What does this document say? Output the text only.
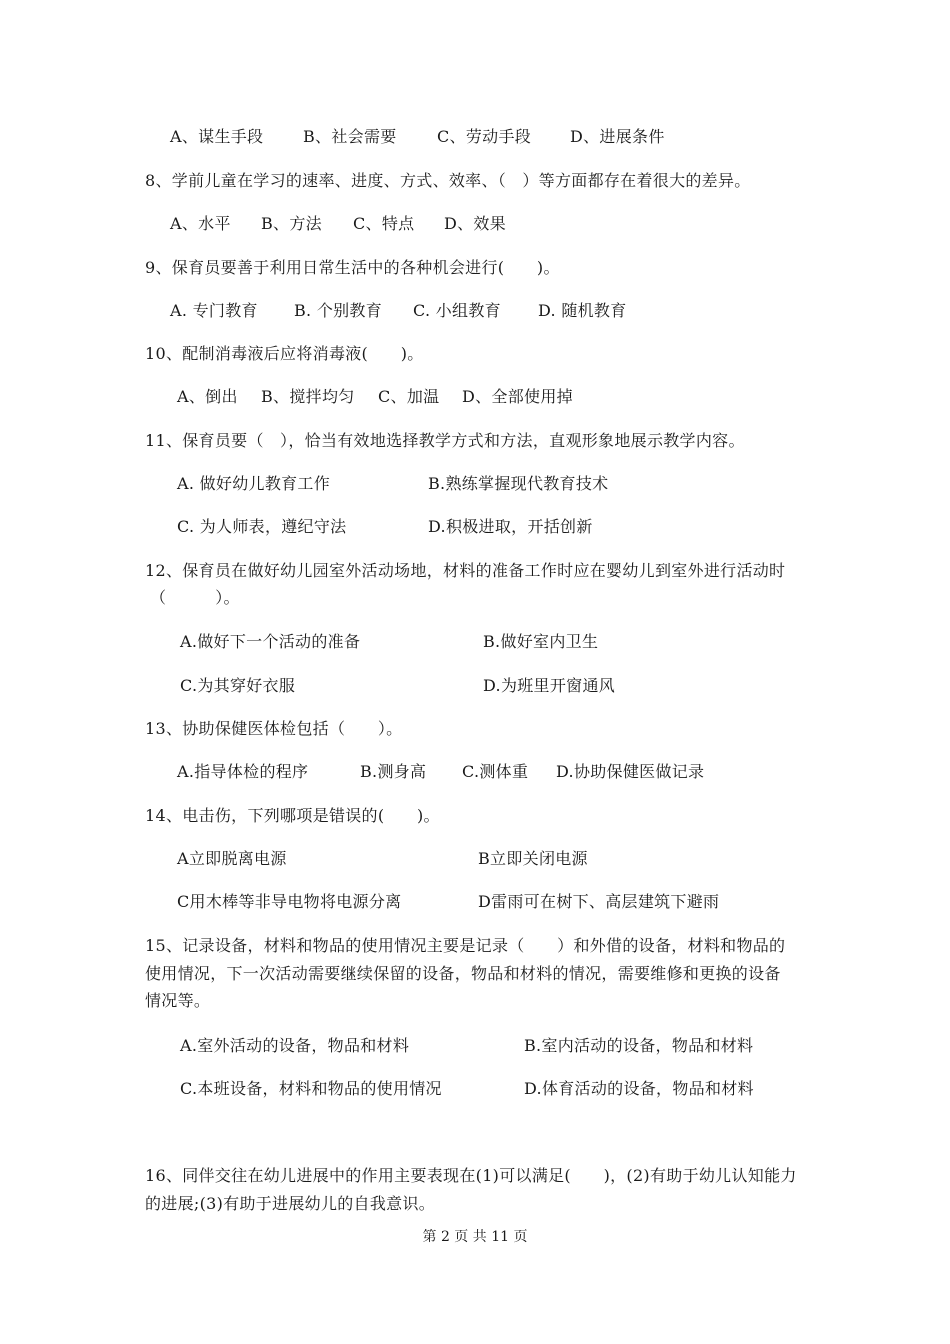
A、谋生手段 B、社会需要	C、劳动手段 D、进展条件
8、学前儿童在学习的速率、进度、方式、效率、（　）等方面都存在着很大的差异。
A、水平 B、方法 C、特点 D、效果
9、保育员要善于利用日常生活中的各种机会进行(　　)。
A. 专门教育 B. 个别教育 C. 小组教育 D. 随机教育
10、配制消毒液后应将消毒液(　　)。
A、倒出 B、搅拌均匀 C、加温 D、全部使用掉
11、保育员要（　），恰当有效地选择教学方式和方法，直观形象地展示教学内容。
A. 做好幼儿教育工作	B.熟练掌握现代教育技术
C. 为人师表，遵纪守法	D.积极进取，开括创新
12、保育员在做好幼儿园室外活动场地，材料的准备工作时应在婴幼儿到室外进行活动时
（　　　）。
A.做好下一个活动的准备	B.做好室内卫生
C.为其穿好衣服	D.为班里开窗通风
13、协助保健医体检包括（　　）。
A.指导体检的程序	B.测身高 C.测体重 D.协助保健医做记录
14、电击伤，下列哪项是错误的(　　)。
A立即脱离电源	B立即关闭电源
C用木棒等非导电物将电源分离	D雷雨可在树下、高层建筑下避雨
15、记录设备，材料和物品的使用情况主要是记录（　　）和外借的设备，材料和物品的
使用情况，下一次活动需要继续保留的设备，物品和材料的情况，需要维修和更换的设备
情况等。
A.室外活动的设备，物品和材料	B.室内活动的设备，物品和材料
C.本班设备，材料和物品的使用情况	D.体育活动的设备，物品和材料
16、同伴交往在幼儿进展中的作用主要表现在(1)可以满足(　　)，(2)有助于幼儿认知能力
的进展;(3)有助于进展幼儿的自我意识。
第 2 页 共 11 页
